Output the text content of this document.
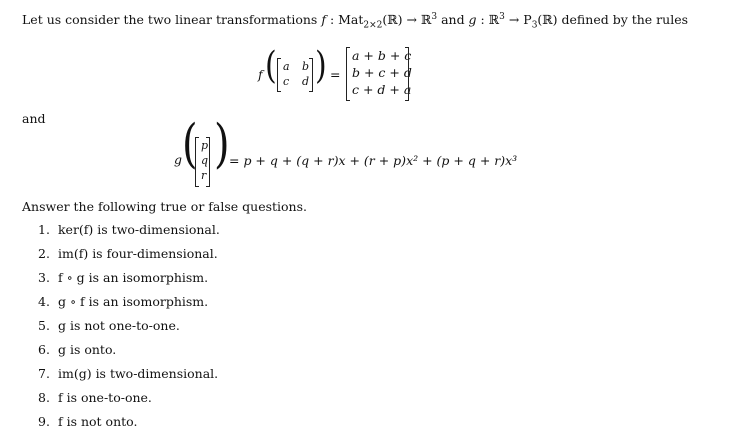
Let us consider the two linear transformations f : Mat$_{2\times 2}$(ℝ) → ℝ$^3$ and g : ℝ$^3$ → $P_3(ℝ)$ defined by the rules
f ( a b
c d ) =
a + b + c
b + c + d
c + d + a
and
g ( p
q
r
) = p + q + (q + r)x + (r + p)x² + (p + q + r)x³
Answer the following true or false questions.
1. ker(f) is two-dimensional.
2. im(f) is four-dimensional.
3. f ∘ g is an isomorphism.
4. g ∘ f is an isomorphism.
5. g is not one-to-one.
6. g is onto.
7. im(g) is two-dimensional.
8. f is one-to-one.
9. f is not onto.
